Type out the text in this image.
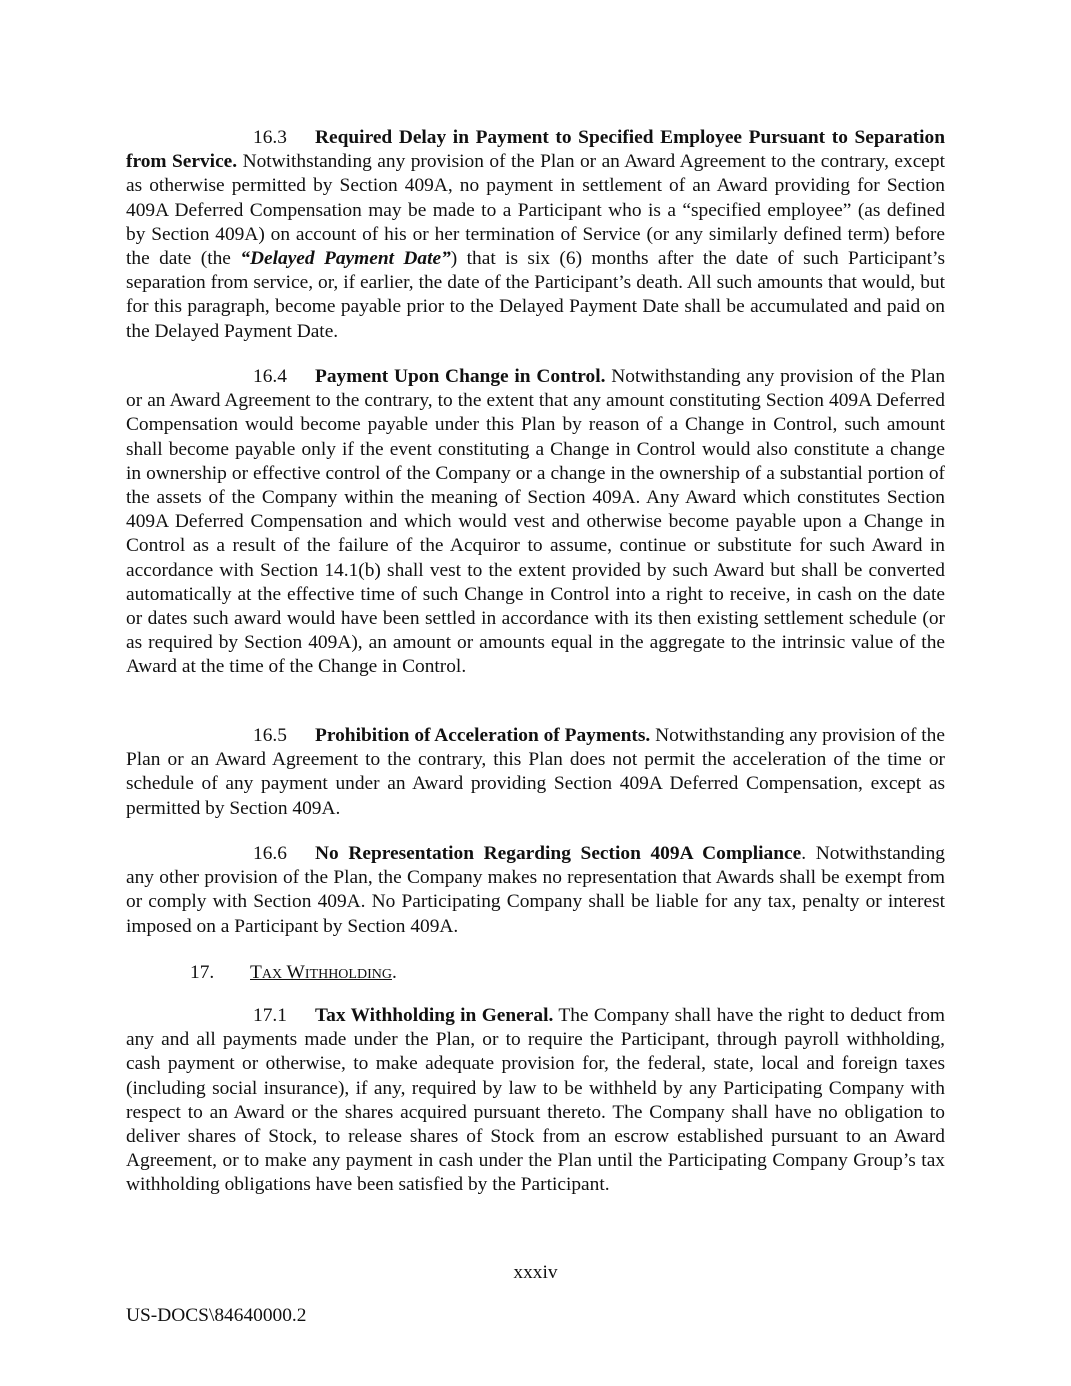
16.3 Required Delay in Payment to Specified Employee Pursuant to Separation from Service. Notwithstanding any provision of the Plan or an Award Agreement to the contrary, except as otherwise permitted by Section 409A, no payment in settlement of an Award providing for Section 409A Deferred Compensation may be made to a Participant who is a “specified employee” (as defined by Section 409A) on account of his or her termination of Service (or any similarly defined term) before the date (the “Delayed Payment Date”) that is six (6) months after the date of such Participant’s separation from service, or, if earlier, the date of the Participant’s death. All such amounts that would, but for this paragraph, become payable prior to the Delayed Payment Date shall be accumulated and paid on the Delayed Payment Date.

16.4 Payment Upon Change in Control. Notwithstanding any provision of the Plan or an Award Agreement to the contrary, to the extent that any amount constituting Section 409A Deferred Compensation would become payable under this Plan by reason of a Change in Control, such amount shall become payable only if the event constituting a Change in Control would also constitute a change in ownership or effective control of the Company or a change in the ownership of a substantial portion of the assets of the Company within the meaning of Section 409A. Any Award which constitutes Section 409A Deferred Compensation and which would vest and otherwise become payable upon a Change in Control as a result of the failure of the Acquiror to assume, continue or substitute for such Award in accordance with Section 14.1(b) shall vest to the extent provided by such Award but shall be converted automatically at the effective time of such Change in Control into a right to receive, in cash on the date or dates such award would have been settled in accordance with its then existing settlement schedule (or as required by Section 409A), an amount or amounts equal in the aggregate to the intrinsic value of the Award at the time of the Change in Control.

16.5 Prohibition of Acceleration of Payments. Notwithstanding any provision of the Plan or an Award Agreement to the contrary, this Plan does not permit the acceleration of the time or schedule of any payment under an Award providing Section 409A Deferred Compensation, except as permitted by Section 409A.

16.6 No Representation Regarding Section 409A Compliance. Notwithstanding any other provision of the Plan, the Company makes no representation that Awards shall be exempt from or comply with Section 409A. No Participating Company shall be liable for any tax, penalty or interest imposed on a Participant by Section 409A.

17. Tax Withholding.

17.1 Tax Withholding in General. The Company shall have the right to deduct from any and all payments made under the Plan, or to require the Participant, through payroll withholding, cash payment or otherwise, to make adequate provision for, the federal, state, local and foreign taxes (including social insurance), if any, required by law to be withheld by any Participating Company with respect to an Award or the shares acquired pursuant thereto. The Company shall have no obligation to deliver shares of Stock, to release shares of Stock from an escrow established pursuant to an Award Agreement, or to make any payment in cash under the Plan until the Participating Company Group’s tax withholding obligations have been satisfied by the Participant.

xxxiv

US-DOCS\84640000.2
